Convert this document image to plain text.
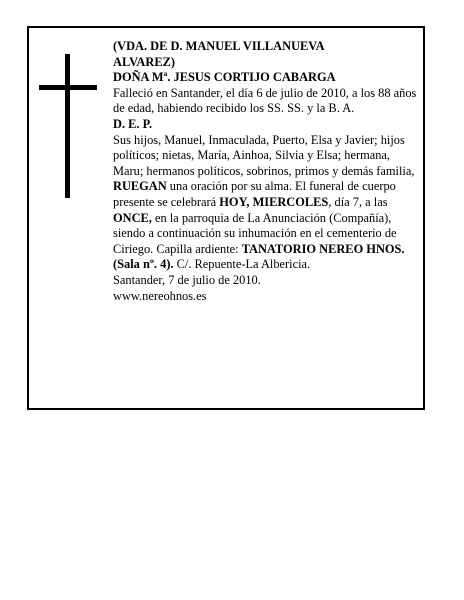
(VDA. DE D. MANUEL VILLANUEVA

ALVAREZ)

DOÑA Mª. JESUS CORTIJO CABARGA

Falleció en Santander, el día 6 de julio de 2010, a los 88 años de edad, habiendo recibido los SS. SS. y la B. A.

D. E. P.

Sus hijos, Manuel, Inmaculada, Puerto, Elsa y Javier; hijos políticos; nietas, María, Ainhoa, Silvia y Elsa; hermana, Maru; hermanos políticos, sobrinos, primos y demás familia,

RUEGAN una oración por su alma. El funeral de cuerpo presente se celebrará HOY, MIERCOLES, día 7, a las ONCE, en la parroquia de La Anunciación (Compañía), siendo a continuación su inhumación en el cementerio de Ciriego. Capilla ardiente: TANATORIO NEREO HNOS. (Sala nº. 4). C/. Repuente-La Albericia.

Santander, 7 de julio de 2010.

www.nereohnos.es
